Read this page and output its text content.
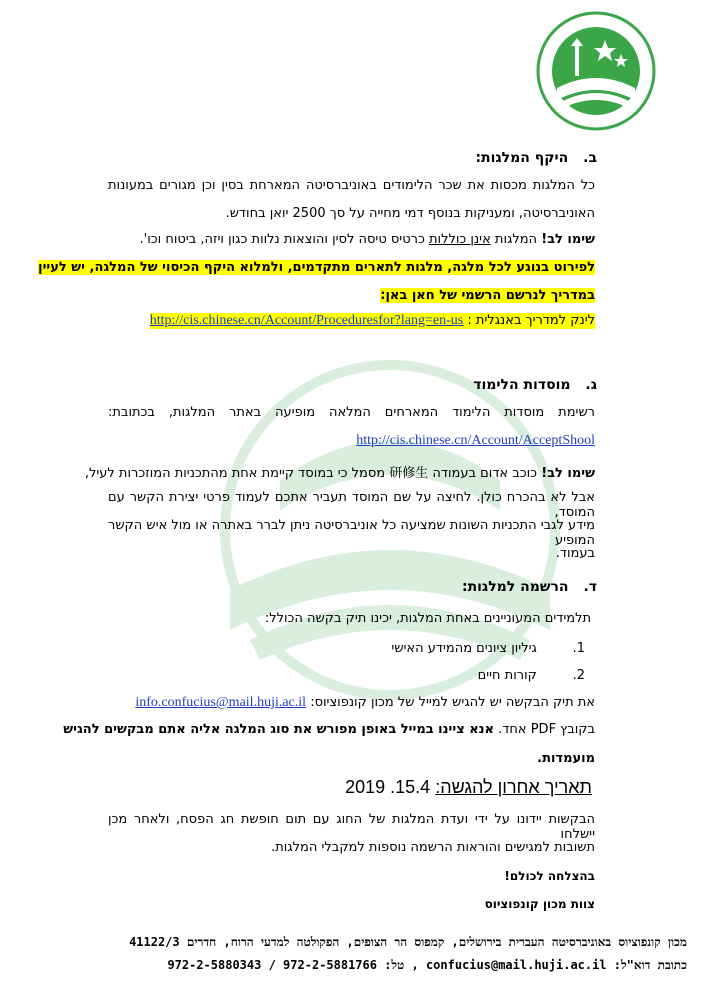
ב. היקף המלגות:
כל המלגות מכסות את שכר הלימודים באוניברסיטה המארחת בסין וכן מגורים במעונות
האוניברסיטה, ומעניקות בנוסף דמי מחייה על סך 2500 יואן בחודש.
שימו לב! המלגות אינן כוללות כרטיס טיסה לסין והוצאות נלוות כגון ויזה, ביטוח וכו'.
לפירוט בנוגע לכל מלגה, מלגות לתארים מתקדמים, ולמלוא היקף הכיסוי של המלגה, יש לעיין
במדריך לנרשם הרשמי של חאן באן:
לינק למדריך באנגלית : http://cis.chinese.cn/Account/Proceduresfor?lang=en-us
ג. מוסדות הלימוד
רשימת מוסדות הלימוד המארחים המלאה מופיעה באתר המלגות, בכתובת:
http://cis.chinese.cn/Account/AcceptShool
שימו לב! כוכב אדום בעמודה 研修生 מסמל כי במוסד קיימת אחת מהתכניות המוזכרות לעיל,
אבל לא בהכרח כולן. לחיצה על שם המוסד תעביר אתכם לעמוד פרטי יצירת הקשר עם המוסד,
מידע לגבי התכניות השונות שמציעה כל אוניברסיטה ניתן לברר באתרה או מול איש הקשר המופיע
בעמוד.
ד. הרשמה למלגות:
תלמידים המעוניינים באחת המלגות, יכינו תיק בקשה הכולל:
1. גיליון ציונים מהמידע האישי
2. קורות חיים
את תיק הבקשה יש להגיש למייל של מכון קונפוציוס: info.confucius@mail.huji.ac.il
בקובץ PDF אחד. אנא ציינו במייל באופן מפורש את סוג המלגה אליה אתם מבקשים להגיש
מועמדות.
תאריך אחרון להגשה: 15.4. 2019
הבקשות יידונו על ידי ועדת המלגות של החוג עם תום חופשת חג הפסח, ולאחר מכן יישלחו
תשובות למגישים והוראות הרשמה נוספות למקבלי המלגות.
בהצלחה לכולם!
צוות מכון קונפוציוס
מכון קונפוציוס באוניברסיטה העברית בירושלים, קמפוס הר הצופים, הפקולטה למדעי הרוח, חדרים 41122/3
כתובת דוא"ל: confucius@mail.huji.ac.il , טל: 972-2-5881766 / 972-2-5880343
